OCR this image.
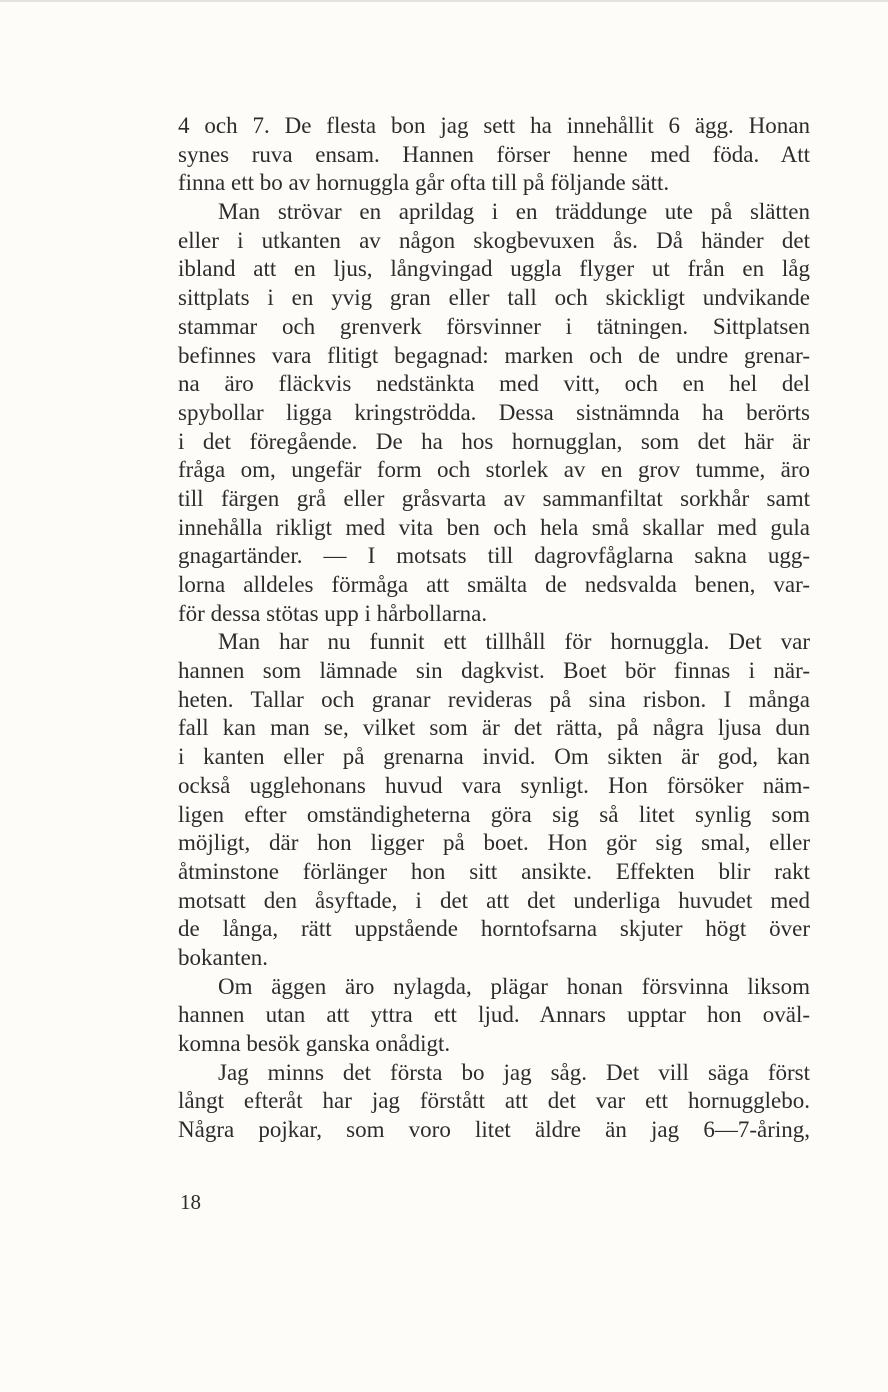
4 och 7. De flesta bon jag sett ha innehållit 6 ägg. Honan
synes ruva ensam. Hannen förser henne med föda. Att
finna ett bo av hornuggla går ofta till på följande sätt.
Man strövar en aprildag i en träddunge ute på slätten
eller i utkanten av någon skogbevuxen ås. Då händer det
ibland att en ljus, långvingad uggla flyger ut från en låg
sittplats i en yvig gran eller tall och skickligt undvikande
stammar och grenverk försvinner i tätningen. Sittplatsen
befinnes vara flitigt begagnad: marken och de undre grenar-
na äro fläckvis nedstänkta med vitt, och en hel del
spybollar ligga kringströdda. Dessa sistnämnda ha berörts
i det föregående. De ha hos hornugglan, som det här är
fråga om, ungefär form och storlek av en grov tumme, äro
till färgen grå eller gråsvarta av sammanfiltat sorkhår samt
innehålla rikligt med vita ben och hela små skallar med gula
gnagartänder. — I motsats till dagrovfåglarna sakna ugg-
lorna alldeles förmåga att smälta de nedsvalda benen, var-
för dessa stötas upp i hårbollarna.
Man har nu funnit ett tillhåll för hornuggla. Det var
hannen som lämnade sin dagkvist. Boet bör finnas i när-
heten. Tallar och granar revideras på sina risbon. I många
fall kan man se, vilket som är det rätta, på några ljusa dun
i kanten eller på grenarna invid. Om sikten är god, kan
också ugglehonans huvud vara synligt. Hon försöker näm-
ligen efter omständigheterna göra sig så litet synlig som
möjligt, där hon ligger på boet. Hon gör sig smal, eller
åtminstone förlänger hon sitt ansikte. Effekten blir rakt
motsatt den åsyftade, i det att det underliga huvudet med
de långa, rätt uppstående horntofsarna skjuter högt över
bokanten.
Om äggen äro nylagda, plägar honan försvinna liksom
hannen utan att yttra ett ljud. Annars upptar hon oväl-
komna besök ganska onådigt.
Jag minns det första bo jag såg. Det vill säga först
långt efteråt har jag förstått att det var ett hornugglebo.
Några pojkar, som voro litet äldre än jag 6—7-åring,
18
